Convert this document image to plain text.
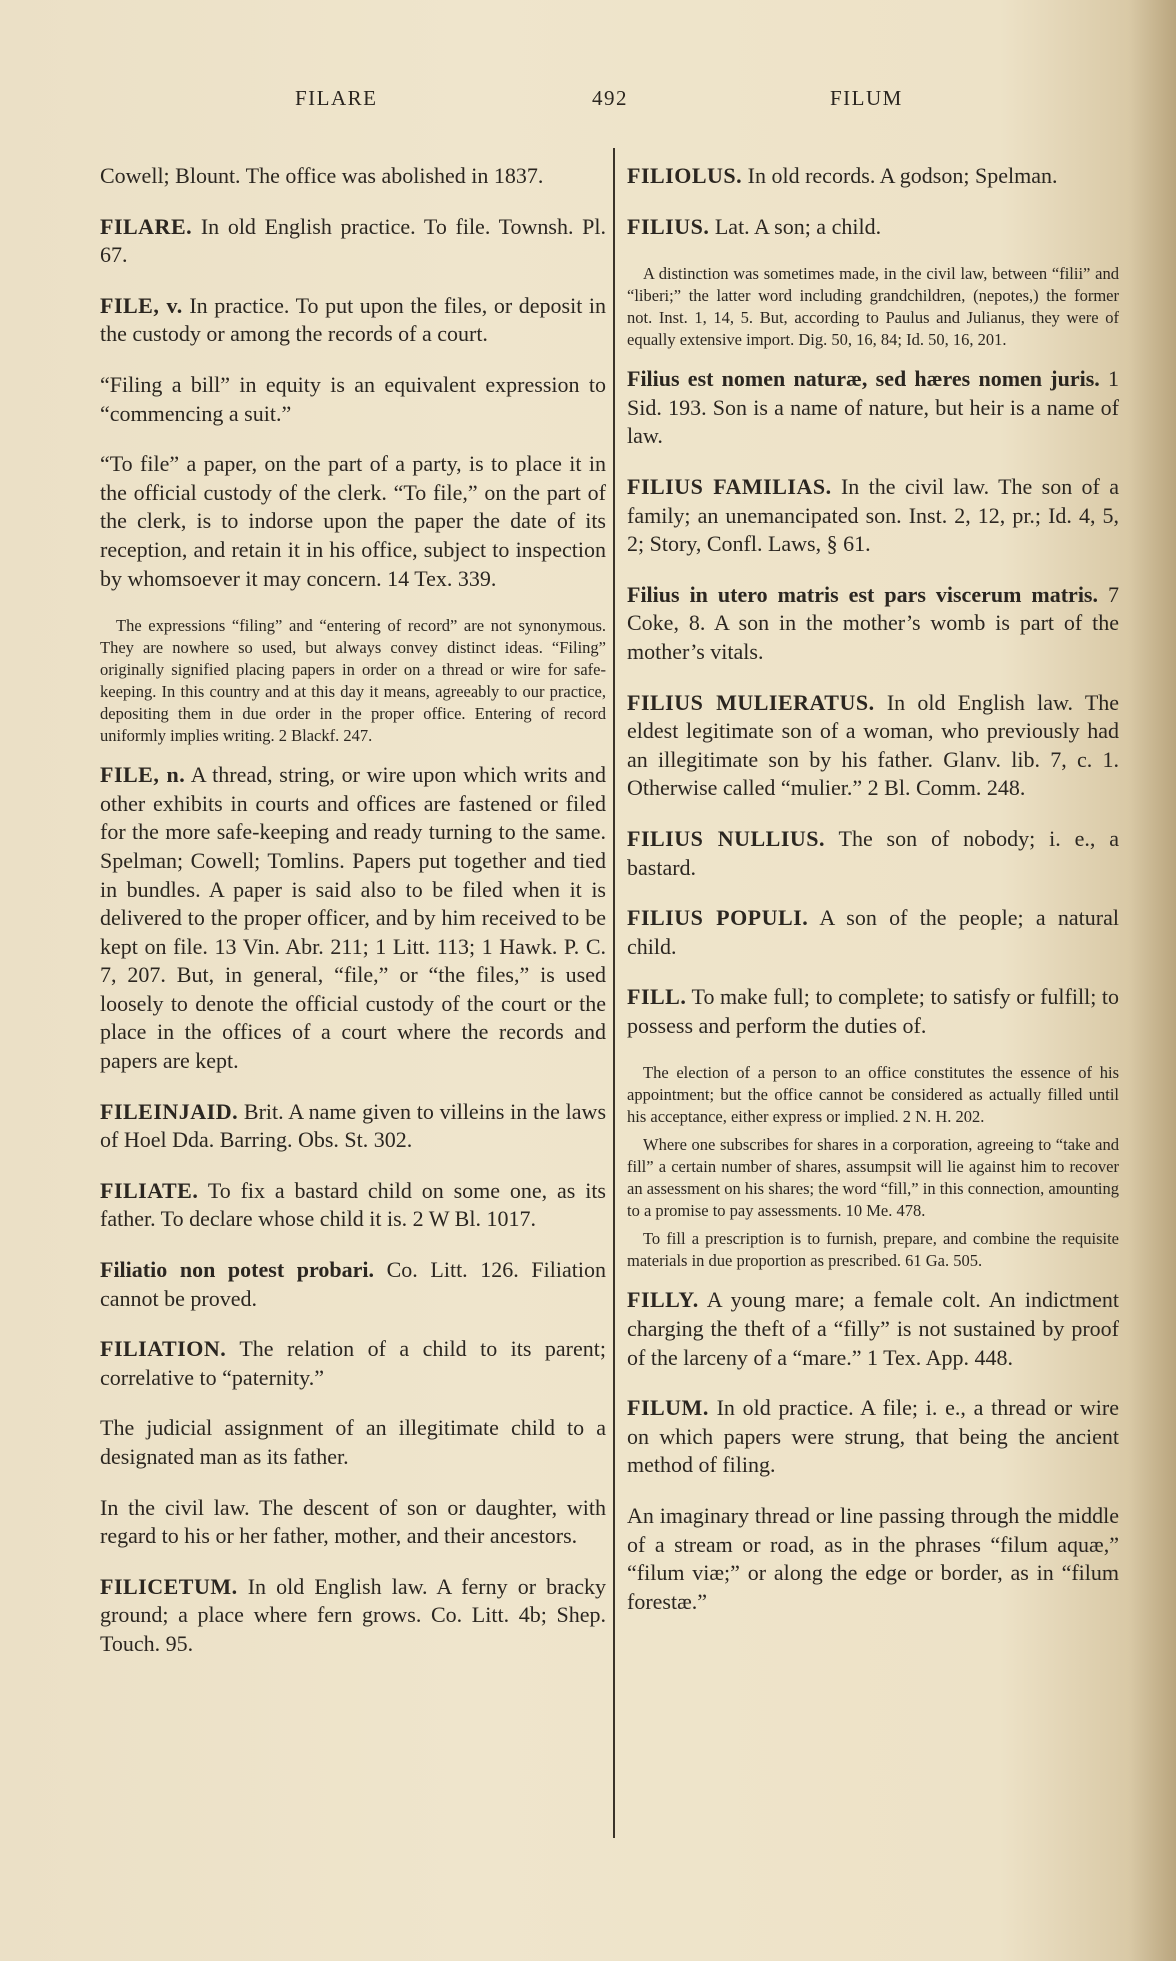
FILARE	492	FILUM

Cowell; Blount. The office was abolished in 1837.

FILARE. In old English practice. To file. Townsh. Pl. 67.

FILE, v. In practice. To put upon the files, or deposit in the custody or among the records of a court.

“Filing a bill” in equity is an equivalent expression to “commencing a suit.”

“To file” a paper, on the part of a party, is to place it in the official custody of the clerk. “To file,” on the part of the clerk, is to indorse upon the paper the date of its reception, and retain it in his office, subject to inspection by whomsoever it may concern. 14 Tex. 339.

The expressions “filing” and “entering of record” are not synonymous. They are nowhere so used, but always convey distinct ideas. “Filing” originally signified placing papers in order on a thread or wire for safe-keeping. In this country and at this day it means, agreeably to our practice, depositing them in due order in the proper office. Entering of record uniformly implies writing. 2 Blackf. 247.

FILE, n. A thread, string, or wire upon which writs and other exhibits in courts and offices are fastened or filed for the more safe-keeping and ready turning to the same. Spelman; Cowell; Tomlins. Papers put together and tied in bundles. A paper is said also to be filed when it is delivered to the proper officer, and by him received to be kept on file. 13 Vin. Abr. 211; 1 Litt. 113; 1 Hawk. P. C. 7, 207. But, in general, “file,” or “the files,” is used loosely to denote the official custody of the court or the place in the offices of a court where the records and papers are kept.

FILEINJAID. Brit. A name given to villeins in the laws of Hoel Dda. Barring. Obs. St. 302.

FILIATE. To fix a bastard child on some one, as its father. To declare whose child it is. 2 W Bl. 1017.

Filiatio non potest probari. Co. Litt. 126. Filiation cannot be proved.

FILIATION. The relation of a child to its parent; correlative to “paternity.”

The judicial assignment of an illegitimate child to a designated man as its father.

In the civil law. The descent of son or daughter, with regard to his or her father, mother, and their ancestors.

FILICETUM. In old English law. A ferny or bracky ground; a place where fern grows. Co. Litt. 4b; Shep. Touch. 95.

FILIOLUS. In old records. A godson; Spelman.

FILIUS. Lat. A son; a child.

A distinction was sometimes made, in the civil law, between “filii” and “liberi;” the latter word including grandchildren, (nepotes,) the former not. Inst. 1, 14, 5. But, according to Paulus and Julianus, they were of equally extensive import. Dig. 50, 16, 84; Id. 50, 16, 201.

Filius est nomen naturæ, sed hæres nomen juris. 1 Sid. 193. Son is a name of nature, but heir is a name of law.

FILIUS FAMILIAS. In the civil law. The son of a family; an unemancipated son. Inst. 2, 12, pr.; Id. 4, 5, 2; Story, Confl. Laws, § 61.

Filius in utero matris est pars viscerum matris. 7 Coke, 8. A son in the mother’s womb is part of the mother’s vitals.

FILIUS MULIERATUS. In old English law. The eldest legitimate son of a woman, who previously had an illegitimate son by his father. Glanv. lib. 7, c. 1. Otherwise called “mulier.” 2 Bl. Comm. 248.

FILIUS NULLIUS. The son of nobody; i. e., a bastard.

FILIUS POPULI. A son of the people; a natural child.

FILL. To make full; to complete; to satisfy or fulfill; to possess and perform the duties of.

The election of a person to an office constitutes the essence of his appointment; but the office cannot be considered as actually filled until his acceptance, either express or implied. 2 N. H. 202.

Where one subscribes for shares in a corporation, agreeing to “take and fill” a certain number of shares, assumpsit will lie against him to recover an assessment on his shares; the word “fill,” in this connection, amounting to a promise to pay assessments. 10 Me. 478.

To fill a prescription is to furnish, prepare, and combine the requisite materials in due proportion as prescribed. 61 Ga. 505.

FILLY. A young mare; a female colt. An indictment charging the theft of a “filly” is not sustained by proof of the larceny of a “mare.” 1 Tex. App. 448.

FILUM. In old practice. A file; i. e., a thread or wire on which papers were strung, that being the ancient method of filing.

An imaginary thread or line passing through the middle of a stream or road, as in the phrases “filum aquæ,” “filum viæ;” or along the edge or border, as in “filum forestæ.”
